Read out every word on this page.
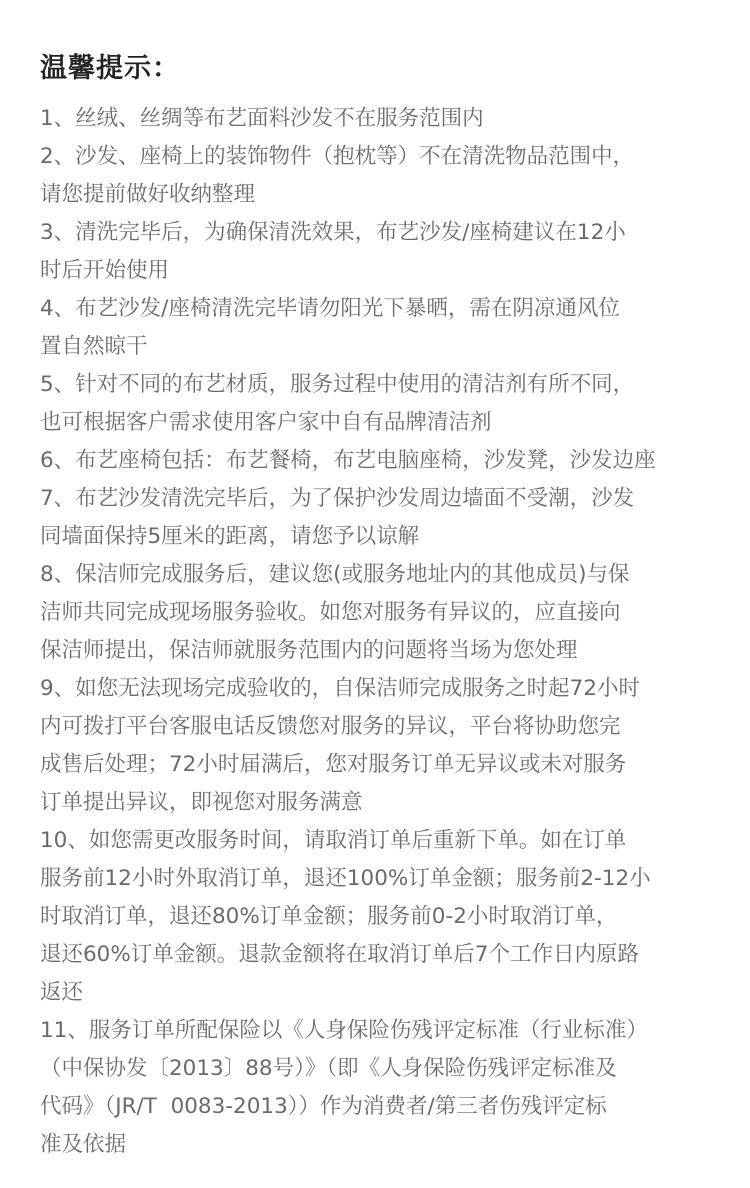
温馨提示：
1、丝绒、丝绸等布艺面料沙发不在服务范围内
2、沙发、座椅上的装饰物件（抱枕等）不在清洗物品范围中，
请您提前做好收纳整理
3、清洗完毕后，为确保清洗效果，布艺沙发/座椅建议在12小
时后开始使用
4、布艺沙发/座椅清洗完毕请勿阳光下暴晒，需在阴凉通风位
置自然晾干
5、针对不同的布艺材质，服务过程中使用的清洁剂有所不同，
也可根据客户需求使用客户家中自有品牌清洁剂
6、布艺座椅包括：布艺餐椅，布艺电脑座椅，沙发凳，沙发边座
7、布艺沙发清洗完毕后，为了保护沙发周边墙面不受潮，沙发
同墙面保持5厘米的距离，请您予以谅解
8、保洁师完成服务后，建议您(或服务地址内的其他成员)与保
洁师共同完成现场服务验收。如您对服务有异议的，应直接向
保洁师提出，保洁师就服务范围内的问题将当场为您处理
9、如您无法现场完成验收的，自保洁师完成服务之时起72小时
内可拨打平台客服电话反馈您对服务的异议，平台将协助您完
成售后处理；72小时届满后，您对服务订单无异议或未对服务
订单提出异议，即视您对服务满意
10、如您需更改服务时间，请取消订单后重新下单。如在订单
服务前12小时外取消订单，退还100%订单金额；服务前2-12小
时取消订单，退还80%订单金额；服务前0-2小时取消订单，
退还60%订单金额。退款金额将在取消订单后7个工作日内原路
返还
11、服务订单所配保险以《人身保险伤残评定标准（行业标准）
（中保协发〔2013〕88号）》（即《人身保险伤残评定标准及
代码》（JR/T  0083-2013））作为消费者/第三者伤残评定标
准及依据
